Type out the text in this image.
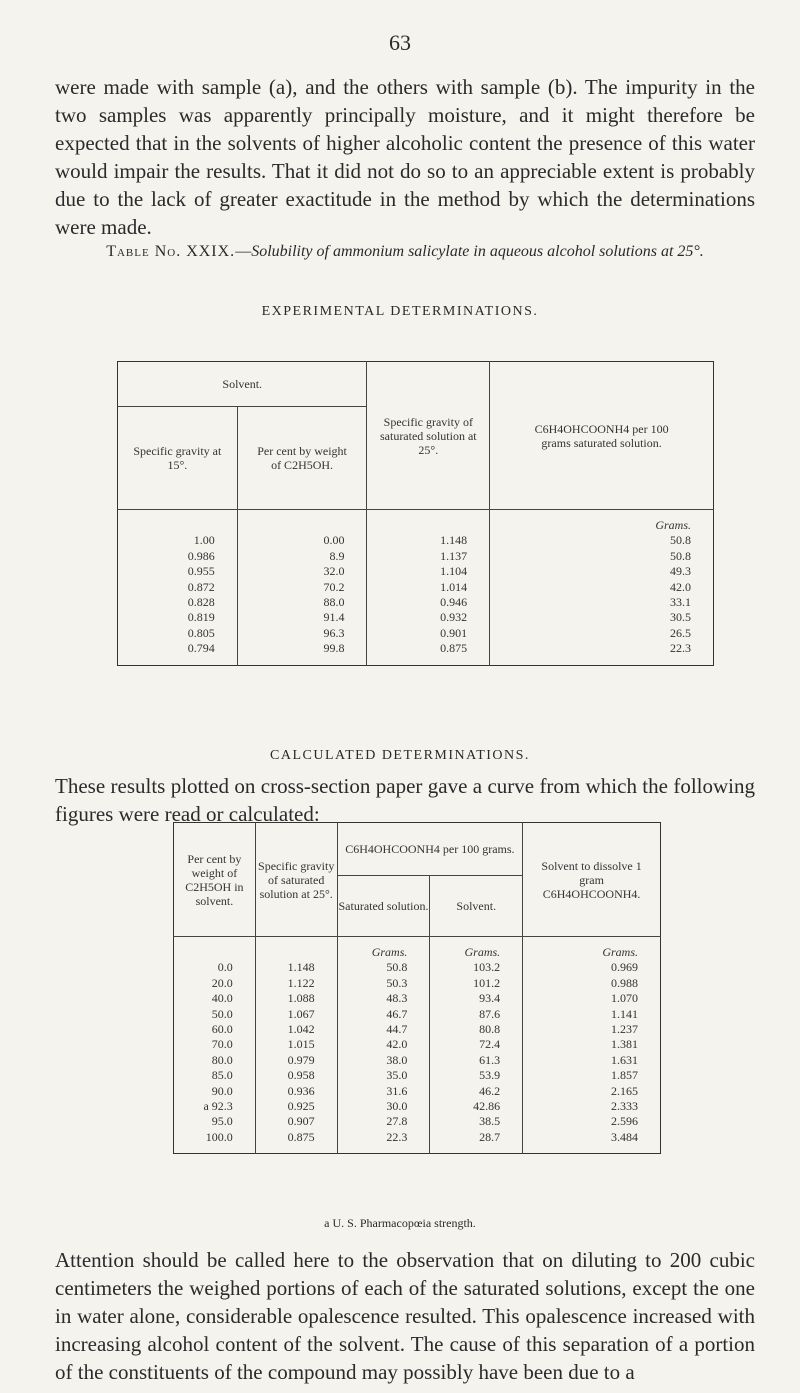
63

were made with sample (a), and the others with sample (b). The impurity in the two samples was apparently principally moisture, and it might therefore be expected that in the solvents of higher alcoholic content the presence of this water would impair the results. That it did not do so to an appreciable extent is probably due to the lack of greater exactitude in the method by which the determinations were made.

Table No. XXIX.—Solubility of ammonium salicylate in aqueous alcohol solutions at 25°.
EXPERIMENTAL DETERMINATIONS.
Solvent.		Specific gravity of saturated solution at 25°.	C6H4OHCOONH4 per 100 grams saturated solution.
Specific gravity at 15°.	Per cent by weight of C2H5OH.		
			Grams.
1.00	0.00	1.148	50.8
0.986	8.9	1.137	50.8
0.955	32.0	1.104	49.3
0.872	70.2	1.014	42.0
0.828	88.0	0.946	33.1
0.819	91.4	0.932	30.5
0.805	96.3	0.901	26.5
0.794	99.8	0.875	22.3

CALCULATED DETERMINATIONS.

These results plotted on cross-section paper gave a curve from which the following figures were read or calculated:

Per cent by weight of C2H5OH in solvent.	Specific gravity of saturated solution at 25°.	C6H4OHCOONH4 per 100 grams.		Solvent to dissolve 1 gram C6H4OHCOONH4.
		Saturated solution.	Solvent.	
		Grams.	Grams.	Grams.
0.0	1.148	50.8	103.2	0.969
20.0	1.122	50.3	101.2	0.988
40.0	1.088	48.3	93.4	1.070
50.0	1.067	46.7	87.6	1.141
60.0	1.042	44.7	80.8	1.237
70.0	1.015	42.0	72.4	1.381
80.0	0.979	38.0	61.3	1.631
85.0	0.958	35.0	53.9	1.857
90.0	0.936	31.6	46.2	2.165
a 92.3	0.925	30.0	42.86	2.333
95.0	0.907	27.8	38.5	2.596
100.0	0.875	22.3	28.7	3.484

a U. S. Pharmacopœia strength.

Attention should be called here to the observation that on diluting to 200 cubic centimeters the weighed portions of each of the saturated solutions, except the one in water alone, considerable opalescence resulted. This opalescence increased with increasing alcohol content of the solvent. The cause of this separation of a portion of the constituents of the compound may possibly have been due to a
